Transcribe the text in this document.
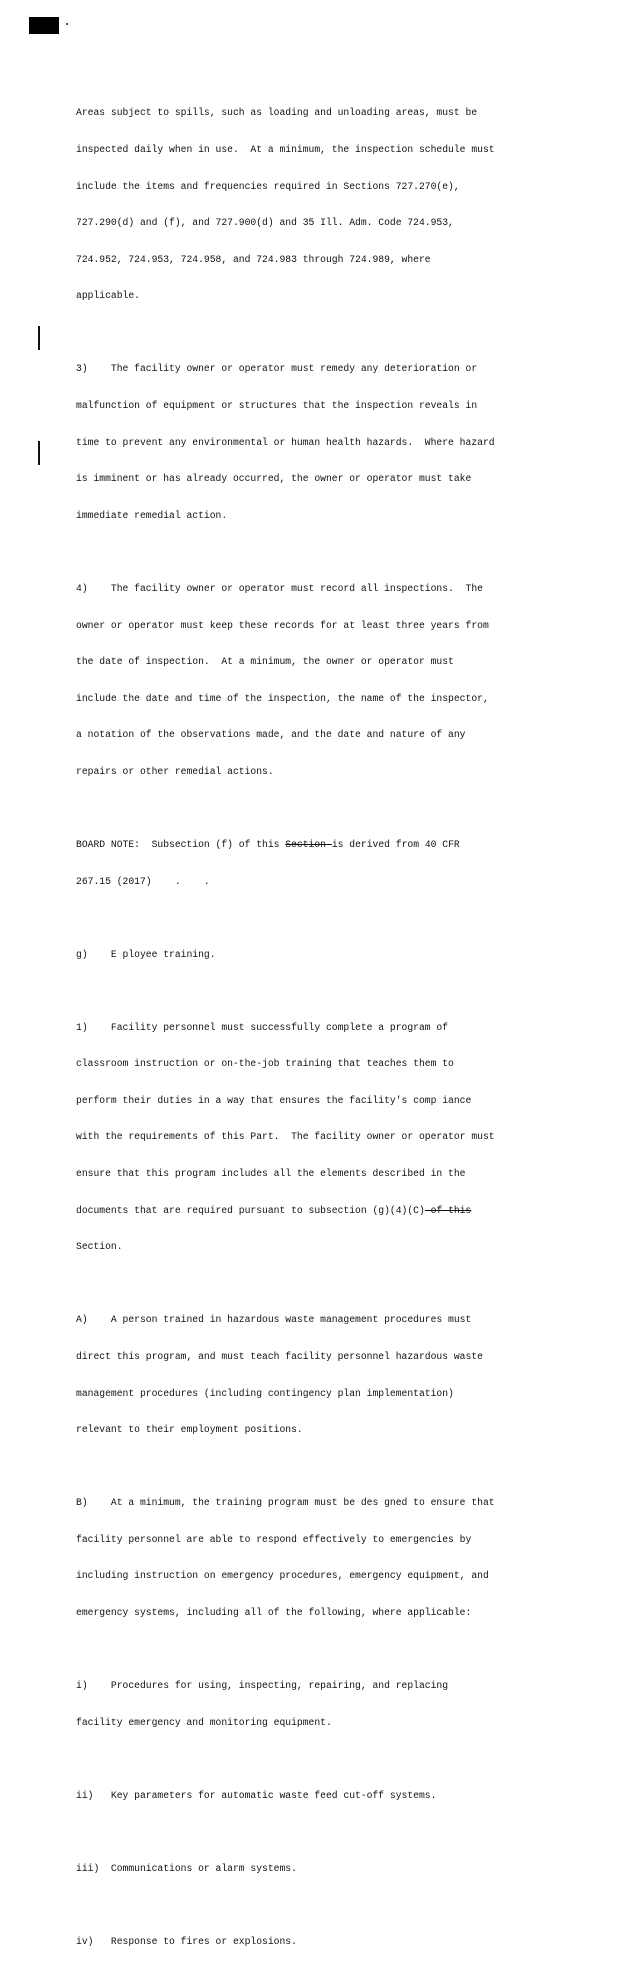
Areas subject to spills, such as loading and unloading areas, must be

inspected daily when in use.  At a minimum, the inspection schedule must

include the items and frequencies required in Sections 727.270(e),

727.290(d) and (f), and 727.900(d) and 35 Ill. Adm. Code 724.953,

724.952, 724.953, 724.958, and 724.983 through 724.989, where

applicable.

3)    The facility owner or operator must remedy any deterioration or

malfunction of equipment or structures that the inspection reveals in

time to prevent any environmental or human health hazards.  Where hazard

is imminent or has already occurred, the owner or operator must take

immediate remedial action.

4)    The facility owner or operator must record all inspections.  The

owner or operator must keep these records for at least three years from

the date of inspection.  At a minimum, the owner or operator must

include the date and time of the inspection, the name of the inspector,

a notation of the observations made, and the date and nature of any

repairs or other remedial actions.

BOARD NOTE:  Subsection (f) of this Section is derived from 40 CFR

267.15 (2017)    .    .

g)    E ployee training.

1)    Facility personnel must successfully complete a program of

classroom instruction or on-the-job training that teaches them to

perform their duties in a way that ensures the facility's comp iance

with the requirements of this Part.  The facility owner or operator must

ensure that this program includes all the elements described in the

documents that are required pursuant to subsection (g)(4)(C) of this

Section.

A)    A person trained in hazardous waste management procedures must

direct this program, and must teach facility personnel hazardous waste

management procedures (including contingency plan implementation)

relevant to their employment positions.

B)    At a minimum, the training program must be des gned to ensure that

facility personnel are able to respond effectively to emergencies by

including instruction on emergency procedures, emergency equipment, and

emergency systems, including all of the following, where applicable:

i)    Procedures for using, inspecting, repairing, and replacing

facility emergency and monitoring equipment.

ii)   Key parameters for automatic waste feed cut-off systems.

iii)  Communications or alarm systems.

iv)   Response to fires or explosions.
